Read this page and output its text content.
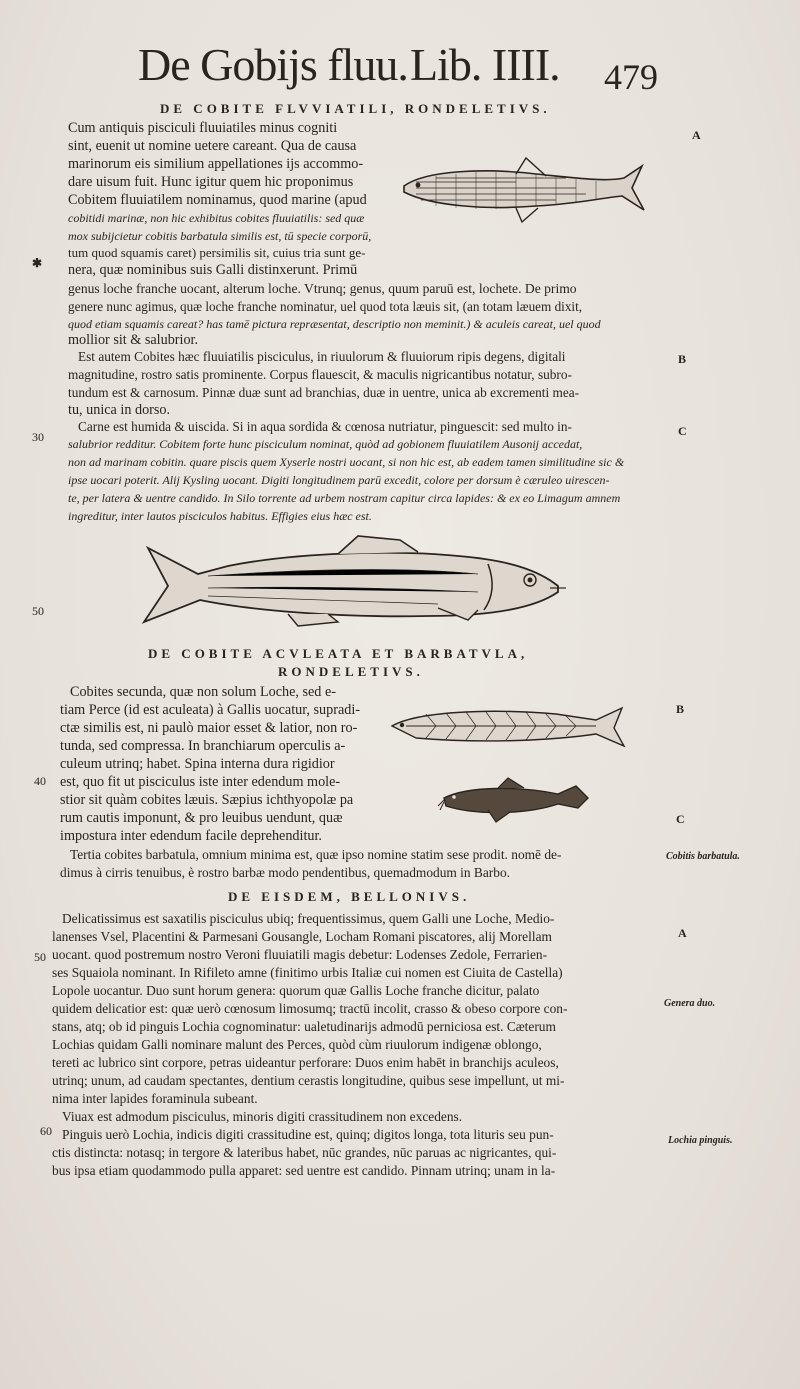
De Gobijs fluu. Lib. IIII. 479
DE COBITE FLVVIATILI, RONDELETIVS.
Cum antiquis pisciculi fluuiatiles minus cogniti
sint, euenit ut nomine uetere careant. Qua de causa
marinorum eis similium appellationes ijs accommo-
dare uisum fuit. Hunc igitur quem hic proponimus
Cobitem fluuiatilem nominamus, quod marine (apud
cobitidi marinæ, non hic exhibitus cobites fluuiatilis: sed quæ
mox subijcietur cobitis barbatula similis est, tū specie corporū,
tum quod squamis caret) persimilis sit, cuius tria sunt ge-
nera, quæ nominibus suis Galli distinxerunt. Primū
genus loche franche uocant, alterum loche. Vtrunq; genus, quum paruū est, lochete. De primo
genere nunc agimus, quæ loche franche nominatur, uel quod tota læuis sit, (an totam læuem dixit,
quod etiam squamis careat? has tamē pictura repræsentat, descriptio non meminit.) & aculeis careat, uel quod
mollior sit & salubrior.
Est autem Cobites hæc fluuiatilis pisciculus, in riuulorum & fluuiorum ripis degens, digitali
magnitudine, rostro satis prominente. Corpus flauescit, & maculis nigricantibus notatur, subro-
tundum est & carnosum. Pinnæ duæ sunt ad branchias, duæ in uentre, unica ab excrementi mea-
tu, unica in dorso.
Carne est humida & uiscida. Si in aqua sordida & cœnosa nutriatur, pinguescit: sed multo in-
salubrior redditur. Cobitem forte hunc pisciculum nominat, quòd ad gobionem fluuiatilem Ausonij accedat,
non ad marinam cobitin. quare piscis quem Xyserle nostri uocant, si non hic est, ab eadem tamen similitudine sic &
ipse uocari poterit. Alij Kysling uocant. Digiti longitudinem parū excedit, colore per dorsum è cæruleo uirescen-
te, per latera & uentre candido. In Silo torrente ad urbem nostram capitur circa lapides: & ex eo Limagum amnem
ingreditur, inter lautos pisciculos habitus. Effigies eius hæc est.
DE COBITE ACVLEATA ET BARBATVLA,
RONDELETIVS.
Cobites secunda, quæ non solum Loche, sed e-
tiam Perce (id est aculeata) à Gallis uocatur, supradi-
ctæ similis est, ni paulò maior esset & latior, non ro-
tunda, sed compressa. In branchiarum operculis a-
culeum utrinq; habet. Spina interna dura rigidior
est, quo fit ut pisciculus iste inter edendum mole-
stior sit quàm cobites læuis. Sæpius ichthyopolæ pa
rum cautis imponunt, & pro leuibus uendunt, quæ
impostura inter edendum facile deprehenditur.
Tertia cobites barbatula, omnium minima est, quæ ipso nomine statim sese prodit. nomē de-
dimus à cirris tenuibus, è rostro barbæ modo pendentibus, quemadmodum in Barbo.
DE EISDEM, BELLONIVS.
Delicatissimus est saxatilis pisciculus ubiq; frequentissimus, quem Galli une Loche, Medio-
lanenses Vsel, Placentini & Parmesani Gousangle, Locham Romani piscatores, alij Morellam
uocant. quod postremum nostro Veroni fluuiatili magis debetur: Lodenses Zedole, Ferrarien-
ses Squaiola nominant. In Rifileto amne (finitimo urbis Italiæ cui nomen est Ciuita de Castella)
Lopole uocantur. Duo sunt horum genera: quorum quæ Gallis Loche franche dicitur, palato
quidem delicatior est: quæ uerò cœnosum limosumq; tractū incolit, crasso & obeso corpore con-
stans, atq; ob id pinguis Lochia cognominatur: ualetudinarijs admodū perniciosa est. Cæterum
Lochias quidam Galli nominare malunt des Perces, quòd cùm riuulorum indigenæ oblongo,
tereti ac lubrico sint corpore, petras uideantur perforare: Duos enim habēt in branchijs aculeos,
utrinq; unum, ad caudam spectantes, dentium cerastis longitudine, quibus sese impellunt, ut mi-
nima inter lapides foraminula subeant.
Viuax est admodum pisciculus, minoris digiti crassitudinem non excedens.
Pinguis uerò Lochia, indicis digiti crassitudine est, quinq; digitos longa, tota lituris seu pun-
ctis distincta: notasq; in tergore & lateribus habet, nūc grandes, nūc paruas ac nigricantes, qui-
bus ipsa etiam quodammodo pulla apparet: sed uentre est candido. Pinnam utrinq; unam in la-
A
B
C
B
C
A
✱
30
50
40
50
60
Cobitis barbatula.
Genera duo.
Lochia pinguis.
